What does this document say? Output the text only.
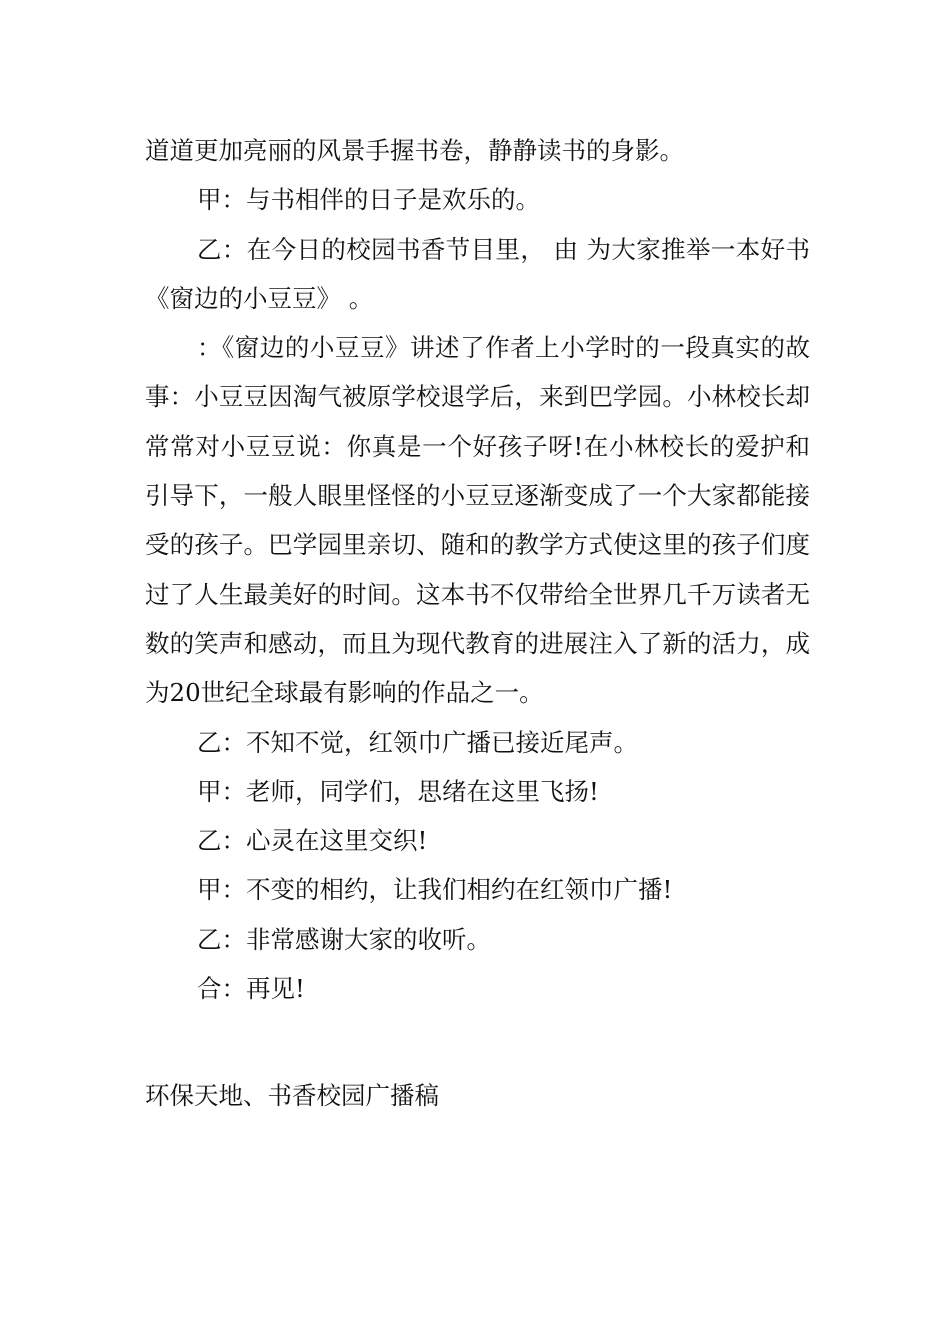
道道更加亮丽的风景手握书卷，静静读书的身影。

甲：与书相伴的日子是欢乐的。

乙：在今日的校园书香节目里， 由 为大家推举一本好书《窗边的小豆豆》 。

：《窗边的小豆豆》讲述了作者上小学时的一段真实的故事：小豆豆因淘气被原学校退学后，来到巴学园。小林校长却常常对小豆豆说：你真是一个好孩子呀!在小林校长的爱护和引导下，一般人眼里怪怪的小豆豆逐渐变成了一个大家都能接受的孩子。巴学园里亲切、随和的教学方式使这里的孩子们度过了人生最美好的时间。这本书不仅带给全世界几千万读者无数的笑声和感动，而且为现代教育的进展注入了新的活力，成为20世纪全球最有影响的作品之一。

乙：不知不觉，红领巾广播已接近尾声。

甲：老师，同学们，思绪在这里飞扬!

乙：心灵在这里交织!

甲：不变的相约，让我们相约在红领巾广播!

乙：非常感谢大家的收听。

合：再见!

环保天地、书香校园广播稿
